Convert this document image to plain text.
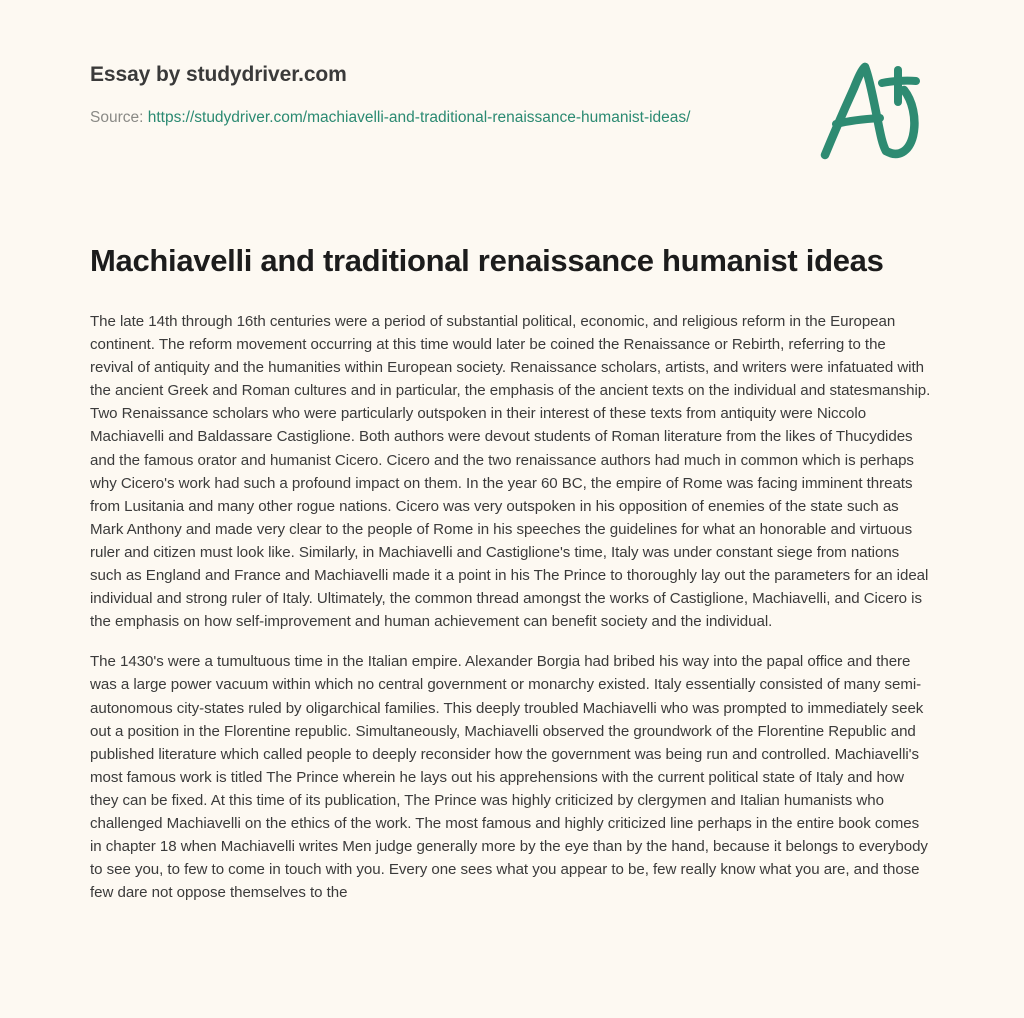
Essay by studydriver.com
Source: https://studydriver.com/machiavelli-and-traditional-renaissance-humanist-ideas/
Machiavelli and traditional renaissance humanist ideas

The late 14th through 16th centuries were a period of substantial political, economic, and religious reform in the European continent. The reform movement occurring at this time would later be coined the Renaissance or Rebirth, referring to the revival of antiquity and the humanities within European society. Renaissance scholars, artists, and writers were infatuated with the ancient Greek and Roman cultures and in particular, the emphasis of the ancient texts on the individual and statesmanship. Two Renaissance scholars who were particularly outspoken in their interest of these texts from antiquity were Niccolo Machiavelli and Baldassare Castiglione. Both authors were devout students of Roman literature from the likes of Thucydides and the famous orator and humanist Cicero. Cicero and the two renaissance authors had much in common which is perhaps why Cicero's work had such a profound impact on them. In the year 60 BC, the empire of Rome was facing imminent threats from Lusitania and many other rogue nations. Cicero was very outspoken in his opposition of enemies of the state such as Mark Anthony and made very clear to the people of Rome in his speeches the guidelines for what an honorable and virtuous ruler and citizen must look like. Similarly, in Machiavelli and Castiglione's time, Italy was under constant siege from nations such as England and France and Machiavelli made it a point in his The Prince to thoroughly lay out the parameters for an ideal individual and strong ruler of Italy. Ultimately, the common thread amongst the works of Castiglione, Machiavelli, and Cicero is the emphasis on how self-improvement and human achievement can benefit society and the individual.

The 1430's were a tumultuous time in the Italian empire. Alexander Borgia had bribed his way into the papal office and there was a large power vacuum within which no central government or monarchy existed. Italy essentially consisted of many semi-autonomous city-states ruled by oligarchical families. This deeply troubled Machiavelli who was prompted to immediately seek out a position in the Florentine republic. Simultaneously, Machiavelli observed the groundwork of the Florentine Republic and published literature which called people to deeply reconsider how the government was being run and controlled. Machiavelli's most famous work is titled The Prince wherein he lays out his apprehensions with the current political state of Italy and how they can be fixed. At this time of its publication, The Prince was highly criticized by clergymen and Italian humanists who challenged Machiavelli on the ethics of the work. The most famous and highly criticized line perhaps in the entire book comes in chapter 18 when Machiavelli writes Men judge generally more by the eye than by the hand, because it belongs to everybody to see you, to few to come in touch with you. Every one sees what you appear to be, few really know what you are, and those few dare not oppose themselves to the
